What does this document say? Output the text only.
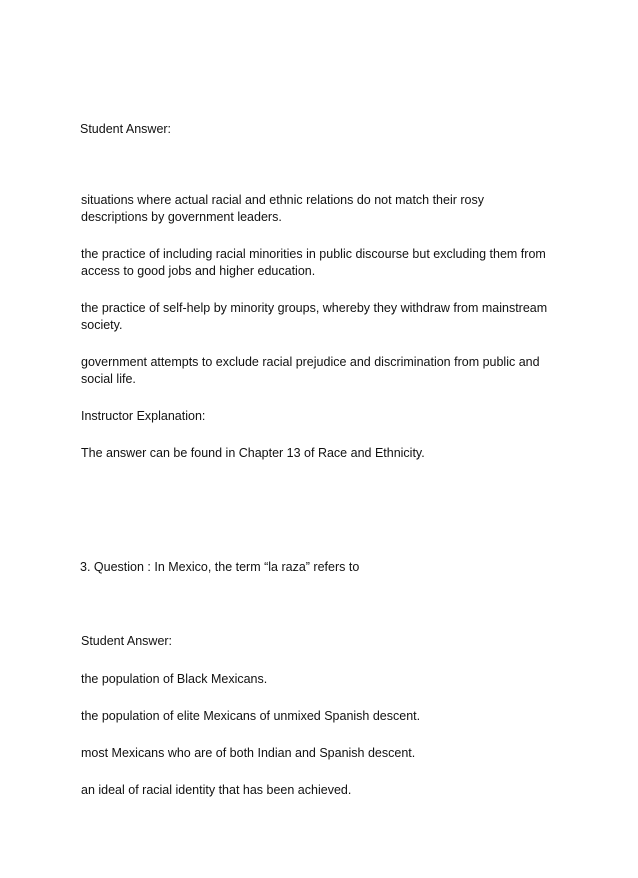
Student Answer:

situations where actual racial and ethnic relations do not match their rosy descriptions by government leaders.

the practice of including racial minorities in public discourse but excluding them from access to good jobs and higher education.

the practice of self-help by minority groups, whereby they withdraw from mainstream society.

government attempts to exclude racial prejudice and discrimination from public and social life.

Instructor Explanation:

The answer can be found in Chapter 13 of Race and Ethnicity.

3. Question : In Mexico, the term “la raza” refers to

Student Answer:

the population of Black Mexicans.

the population of elite Mexicans of unmixed Spanish descent.

most Mexicans who are of both Indian and Spanish descent.

an ideal of racial identity that has been achieved.
